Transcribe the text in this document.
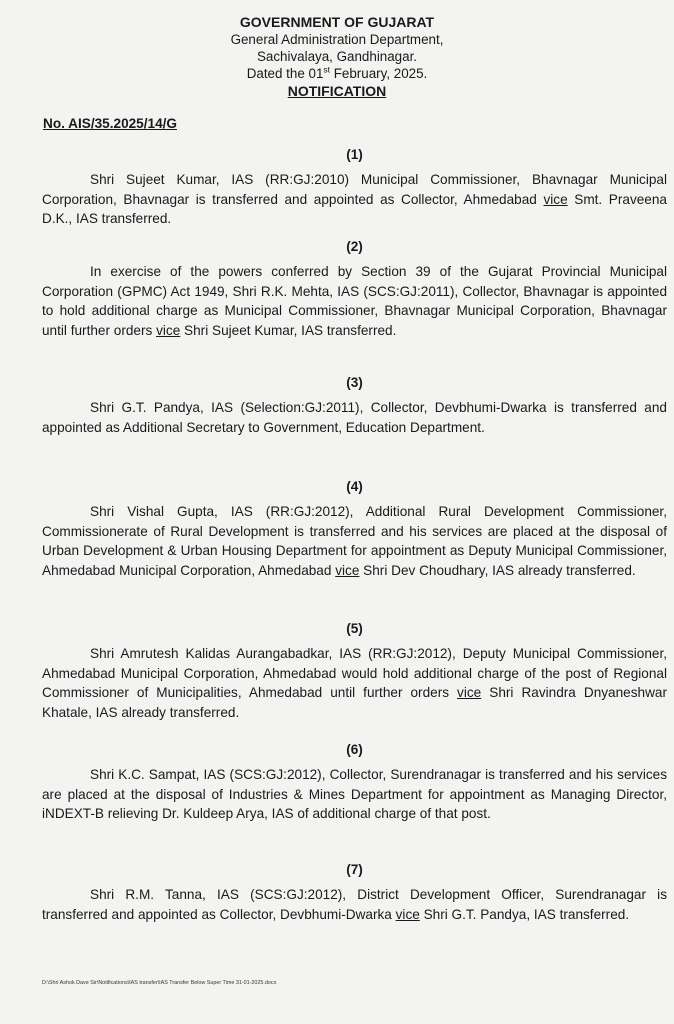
GOVERNMENT OF GUJARAT
General Administration Department,
Sachivalaya, Gandhinagar.
Dated the 01st February, 2025.
NOTIFICATION
No. AIS/35.2025/14/G
(1)

Shri Sujeet Kumar, IAS (RR:GJ:2010) Municipal Commissioner, Bhavnagar Municipal Corporation, Bhavnagar is transferred and appointed as Collector, Ahmedabad vice Smt. Praveena D.K., IAS transferred.

(2)

In exercise of the powers conferred by Section 39 of the Gujarat Provincial Municipal Corporation (GPMC) Act 1949, Shri R.K. Mehta, IAS (SCS:GJ:2011), Collector, Bhavnagar is appointed to hold additional charge as Municipal Commissioner, Bhavnagar Municipal Corporation, Bhavnagar until further orders vice Shri Sujeet Kumar, IAS transferred.

(3)

Shri G.T. Pandya, IAS (Selection:GJ:2011), Collector, Devbhumi-Dwarka is transferred and appointed as Additional Secretary to Government, Education Department.

(4)

Shri Vishal Gupta, IAS (RR:GJ:2012), Additional Rural Development Commissioner, Commissionerate of Rural Development is transferred and his services are placed at the disposal of Urban Development & Urban Housing Department for appointment as Deputy Municipal Commissioner, Ahmedabad Municipal Corporation, Ahmedabad vice Shri Dev Choudhary, IAS already transferred.

(5)

Shri Amrutesh Kalidas Aurangabadkar, IAS (RR:GJ:2012), Deputy Municipal Commissioner, Ahmedabad Municipal Corporation, Ahmedabad would hold additional charge of the post of Regional Commissioner of Municipalities, Ahmedabad until further orders vice Shri Ravindra Dnyaneshwar Khatale, IAS already transferred.

(6)

Shri K.C. Sampat, IAS (SCS:GJ:2012), Collector, Surendranagar is transferred and his services are placed at the disposal of Industries & Mines Department for appointment as Managing Director, iNDEXT-B relieving Dr. Kuldeep Arya, IAS of additional charge of that post.

(7)

Shri R.M. Tanna, IAS (SCS:GJ:2012), District Development Officer, Surendranagar is transferred and appointed as Collector, Devbhumi-Dwarka vice Shri G.T. Pandya, IAS transferred.

D:\Shri Ashok Dave Sir\Notifications\IAS transfer\IAS Transfer Below Super Time 31-01-2025.docx
